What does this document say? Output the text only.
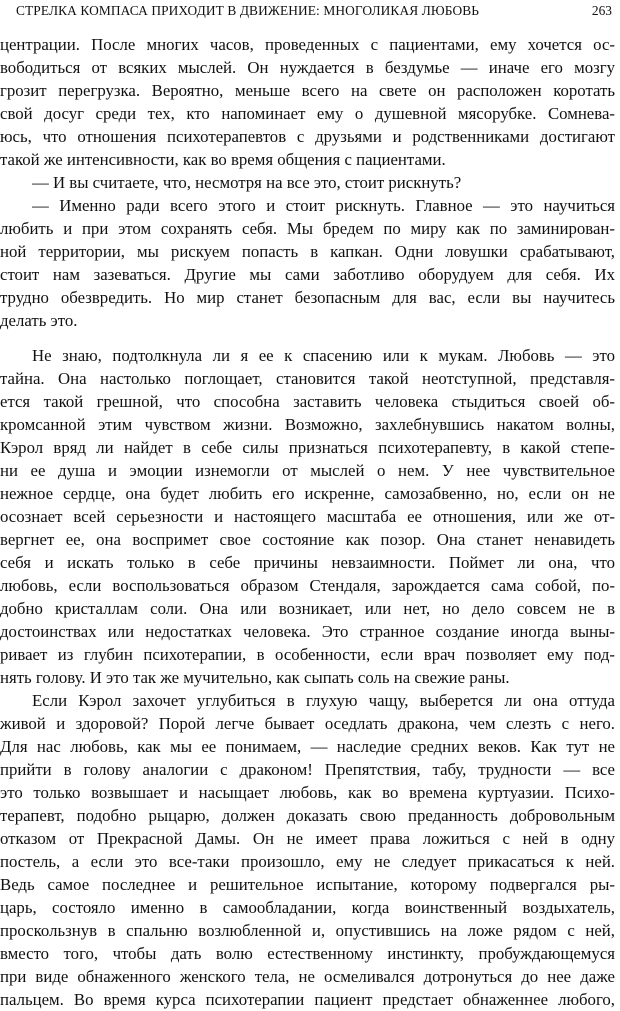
СТРЕЛКА КОМПАСА ПРИХОДИТ В ДВИЖЕНИЕ: МНОГОЛИКАЯ ЛЮБОВЬ	263
центрации. После многих часов, проведенных с пациентами, ему хочется ос-
вободиться от всяких мыслей. Он нуждается в бездумье — иначе его мозгу
грозит перегрузка. Вероятно, меньше всего на свете он расположен коротать
свой досуг среди тех, кто напоминает ему о душевной мясорубке. Сомнева-
юсь, что отношения психотерапевтов с друзьями и родственниками достигают
такой же интенсивности, как во время общения с пациентами.
— И вы считаете, что, несмотря на все это, стоит рискнуть?
— Именно ради всего этого и стоит рискнуть. Главное — это научиться
любить и при этом сохранять себя. Мы бредем по миру как по заминирован-
ной территории, мы рискуем попасть в капкан. Одни ловушки срабатывают,
стоит нам зазеваться. Другие мы сами заботливо оборудуем для себя. Их
трудно обезвредить. Но мир станет безопасным для вас, если вы научитесь
делать это.
Не знаю, подтолкнула ли я ее к спасению или к мукам. Любовь — это
тайна. Она настолько поглощает, становится такой неотступной, представля-
ется такой грешной, что способна заставить человека стыдиться своей об-
кромсанной этим чувством жизни. Возможно, захлебнувшись накатом волны,
Кэрол вряд ли найдет в себе силы признаться психотерапевту, в какой степе-
ни ее душа и эмоции изнемогли от мыслей о нем. У нее чувствительное
нежное сердце, она будет любить его искренне, самозабвенно, но, если он не
осознает всей серьезности и настоящего масштаба ее отношения, или же от-
вергнет ее, она воспримет свое состояние как позор. Она станет ненавидеть
себя и искать только в себе причины невзаимности. Поймет ли она, что
любовь, если воспользоваться образом Стендаля, зарождается сама собой, по-
добно кристаллам соли. Она или возникает, или нет, но дело совсем не в
достоинствах или недостатках человека. Это странное создание иногда выны-
ривает из глубин психотерапии, в особенности, если врач позволяет ему под-
нять голову. И это так же мучительно, как сыпать соль на свежие раны.
Если Кэрол захочет углубиться в глухую чащу, выберется ли она оттуда
живой и здоровой? Порой легче бывает оседлать дракона, чем слезть с него.
Для нас любовь, как мы ее понимаем, — наследие средних веков. Как тут не
прийти в голову аналогии с драконом! Препятствия, табу, трудности — все
это только возвышает и насыщает любовь, как во времена куртуазии. Психо-
терапевт, подобно рыцарю, должен доказать свою преданность добровольным
отказом от Прекрасной Дамы. Он не имеет права ложиться с ней в одну
постель, а если это все-таки произошло, ему не следует прикасаться к ней.
Ведь самое последнее и решительное испытание, которому подвергался ры-
царь, состояло именно в самообладании, когда воинственный воздыхатель,
проскользнув в спальню возлюбленной и, опустившись на ложе рядом с ней,
вместо того, чтобы дать волю естественному инстинкту, пробуждающемуся
при виде обнаженного женского тела, не осмеливался дотронуться до нее даже
пальцем. Во время курса психотерапии пациент предстает обнаженнее любого,
